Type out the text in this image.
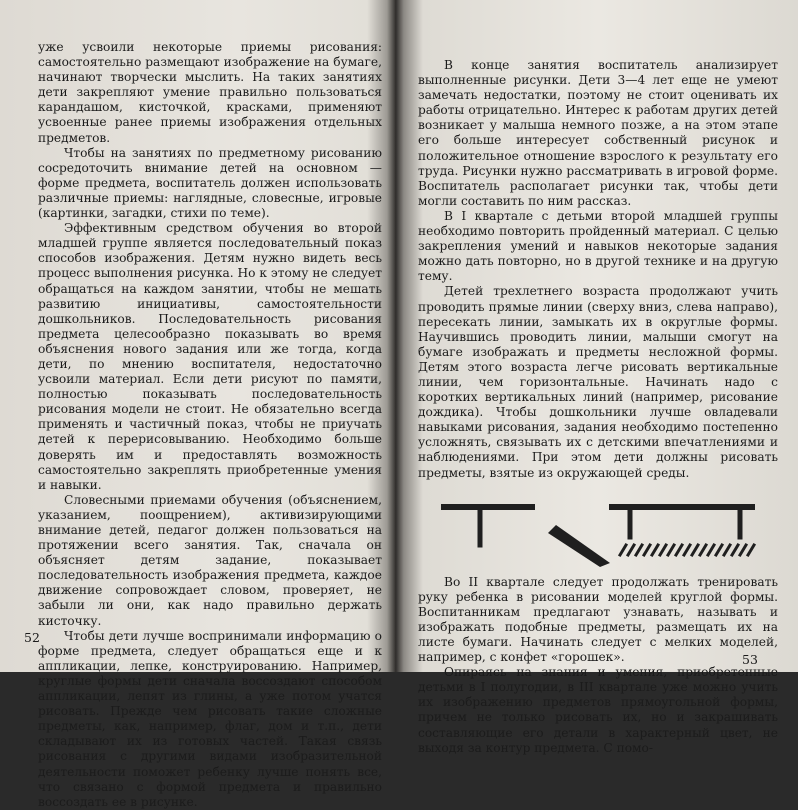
уже усвоили некоторые приемы рисования: самостоятельно размещают изображение на бумаге, начинают творчески мыслить. На таких занятиях дети закрепляют умение правильно пользоваться карандашом, кисточкой, красками, применяют усвоенные ранее приемы изображения отдельных предметов.

Чтобы на занятиях по предметному рисованию сосредоточить внимание детей на основном — форме предмета, воспитатель должен использовать различные приемы: наглядные, словесные, игровые (картинки, загадки, стихи по теме).

Эффективным средством обучения во второй младшей группе является последовательный показ способов изображения. Детям нужно видеть весь процесс выполнения рисунка. Но к этому не следует обращаться на каждом занятии, чтобы не мешать развитию инициативы, самостоятельности дошкольников. Последовательность рисования предмета целесообразно показывать во время объяснения нового задания или же тогда, когда дети, по мнению воспитателя, недостаточно усвоили материал. Если дети рисуют по памяти, полностью показывать последовательность рисования модели не стоит. Не обязательно всегда применять и частичный показ, чтобы не приучать детей к перерисовыванию. Необходимо больше доверять им и предоставлять возможность самостоятельно закреплять приобретенные умения и навыки.

Словесными приемами обучения (объяснением, указанием, поощрением), активизирующими внимание детей, педагог должен пользоваться на протяжении всего занятия. Так, сначала он объясняет детям задание, показывает последовательность изображения предмета, каждое движение сопровождает словом, проверяет, не забыли ли они, как надо правильно держать кисточку.

Чтобы дети лучше воспринимали информацию о форме предмета, следует обращаться еще и к аппликации, лепке, конструированию. Например, круглые формы дети сначала воссоздают способом аппликации, лепят из глины, а уже потом учатся рисовать. Прежде чем рисовать такие сложные предметы, как, например, флаг, дом и т.п., дети складывают их из готовых частей. Такая связь рисования с другими видами изобразительной деятельности поможет ребенку лучше понять все, что связано с формой предмета и правильно воссоздать ее в рисунке.

52

В конце занятия воспитатель анализирует выполненные рисунки. Дети 3—4 лет еще не умеют замечать недостатки, поэтому не стоит оценивать их работы отрицательно. Интерес к работам других детей возникает у малыша немного позже, а на этом этапе его больше интересует собственный рисунок и положительное отношение взрослого к результату его труда. Рисунки нужно рассматривать в игровой форме. Воспитатель располагает рисунки так, чтобы дети могли составить по ним рассказ.

В I квартале с детьми второй младшей группы необходимо повторить пройденный материал. С целью закрепления умений и навыков некоторые задания можно дать повторно, но в другой технике и на другую тему.

Детей трехлетнего возраста продолжают учить проводить прямые линии (сверху вниз, слева направо), пересекать линии, замыкать их в округлые формы. Научившись проводить линии, малыши смогут на бумаге изображать и предметы несложной формы. Детям этого возраста легче рисовать вертикальные линии, чем горизонтальные. Начинать надо с коротких вертикальных линий (например, рисование дождика). Чтобы дошкольники лучше овладевали навыками рисования, задания необходимо постепенно усложнять, связывать их с детскими впечатлениями и наблюдениями. При этом дети должны рисовать предметы, взятые из окружающей среды.

Во II квартале следует продолжать тренировать руку ребенка в рисовании моделей круглой формы. Воспитанникам предлагают узнавать, называть и изображать подобные предметы, размещать их на листе бумаги. Начинать следует с мелких моделей, например, с конфет «горошек».

Опираясь на знания и умения, приобретенные детьми в I полугодии, в III квартале уже можно учить их изображению предметов прямоугольной формы, причем не только рисовать их, но и закрашивать составляющие его детали в характерный цвет, не выходя за контур предмета. С помо-

53
